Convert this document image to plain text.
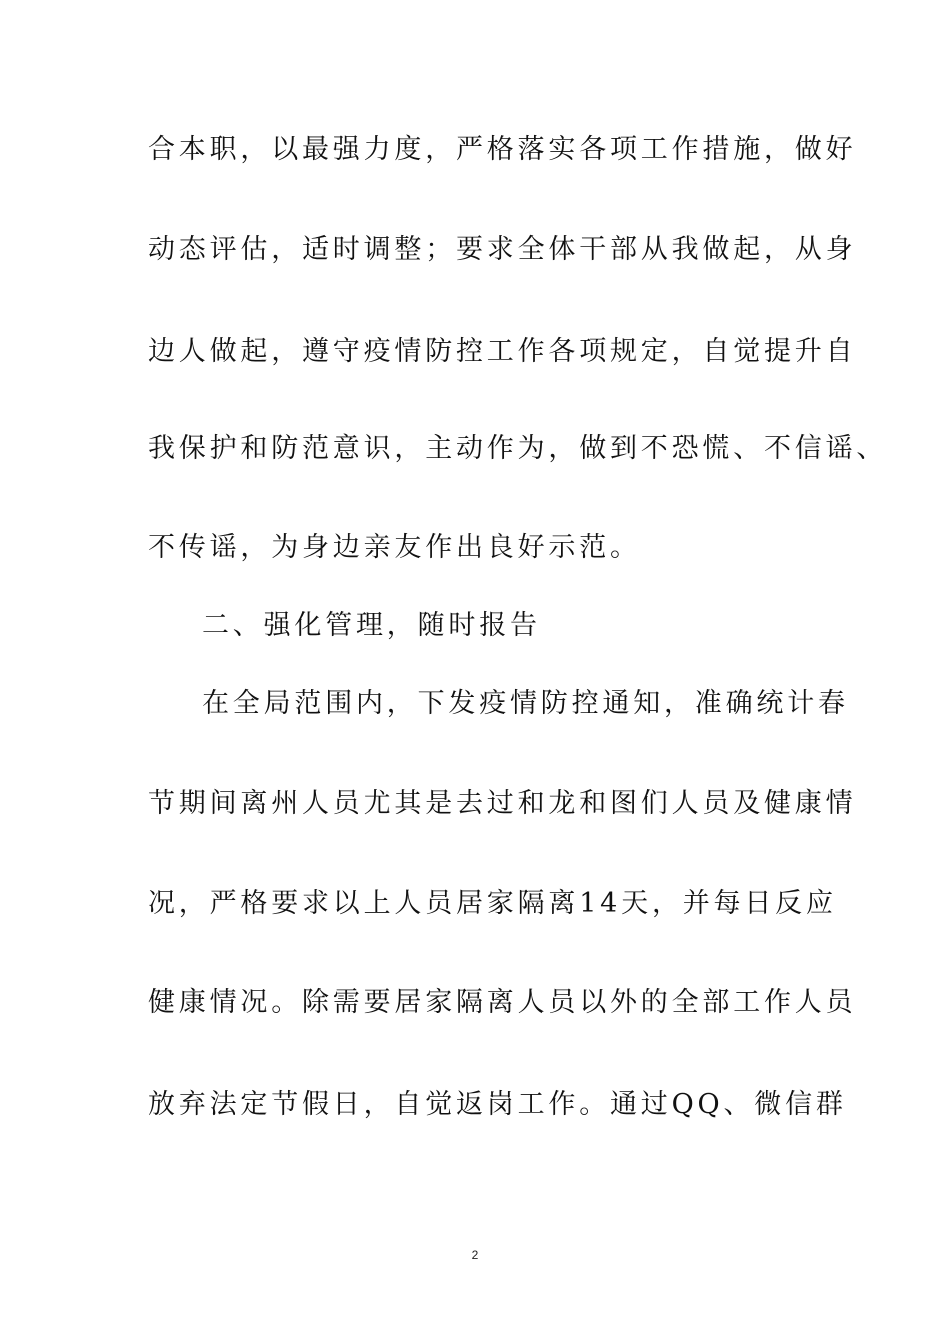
合本职，以最强力度，严格落实各项工作措施，做好
动态评估，适时调整；要求全体干部从我做起，从身
边人做起，遵守疫情防控工作各项规定，自觉提升自
我保护和防范意识，主动作为，做到不恐慌、不信谣、
不传谣，为身边亲友作出良好示范。
二、强化管理，随时报告
在全局范围内，下发疫情防控通知，准确统计春
节期间离州人员尤其是去过和龙和图们人员及健康情
况，严格要求以上人员居家隔离14天，并每日反应
健康情况。除需要居家隔离人员以外的全部工作人员
放弃法定节假日，自觉返岗工作。通过QQ、微信群
2
